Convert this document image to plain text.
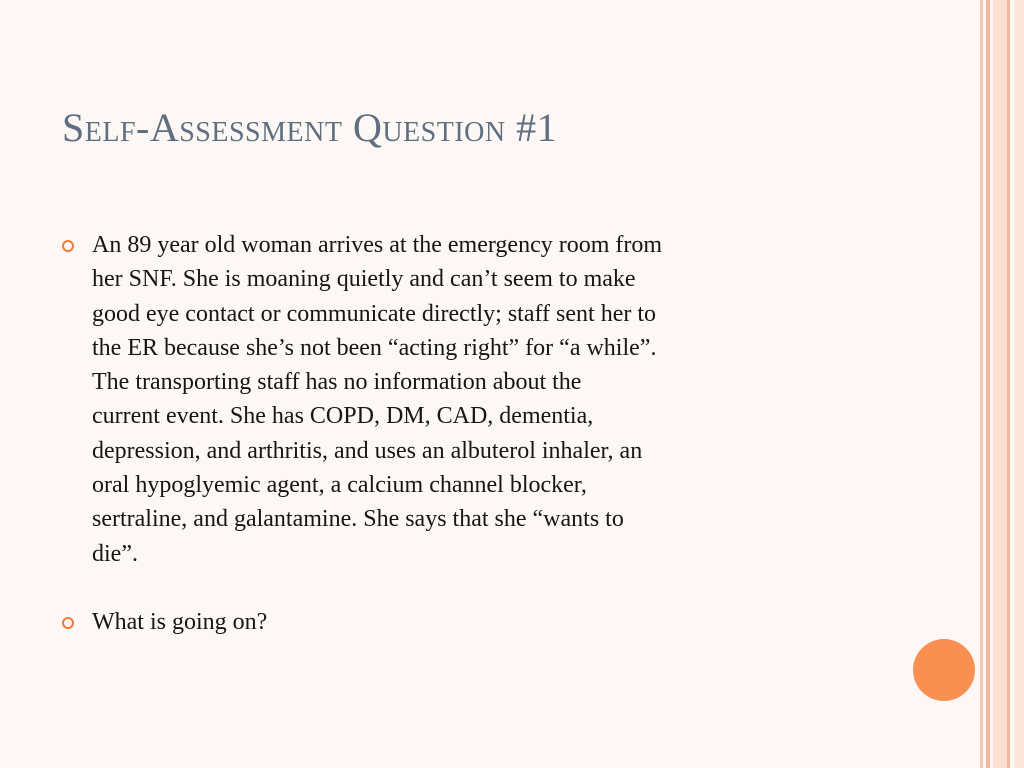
Self-Assessment Question #1
An 89 year old woman arrives at the emergency room from
her SNF. She is moaning quietly and can’t seem to make
good eye contact or communicate directly; staff sent her to
the ER because she’s not been “acting right” for “a while”.
The transporting staff has no information about the
current event. She has COPD, DM, CAD, dementia,
depression, and arthritis, and uses an albuterol inhaler, an
oral hypoglyemic agent, a calcium channel blocker,
sertraline, and galantamine. She says that she “wants to
die”.
What is going on?
